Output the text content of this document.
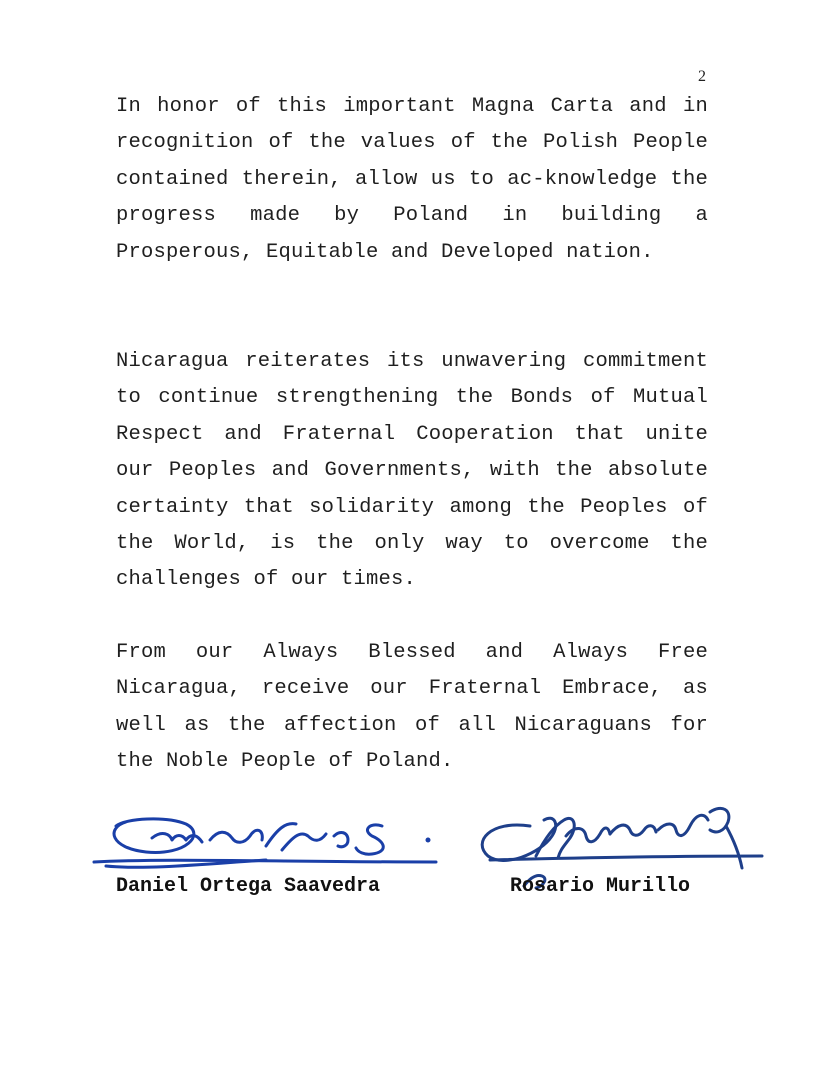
2

In honor of this important Magna Carta and in recognition of the values of the Polish People contained therein, allow us to ac-knowledge the progress made by Poland in building a Prosperous, Equitable and Developed nation.

Nicaragua reiterates its unwavering commitment to continue strengthening the Bonds of Mutual Respect and Fraternal Cooperation that unite our Peoples and Governments, with the absolute certainty that solidarity among the Peoples of the World, is the only way to overcome the challenges of our times.

From our Always Blessed and Always Free Nicaragua, receive our Fraternal Embrace, as well as the affection of all Nicaraguans for the Noble People of Poland.

Daniel Ortega Saavedra	Rosario Murillo
